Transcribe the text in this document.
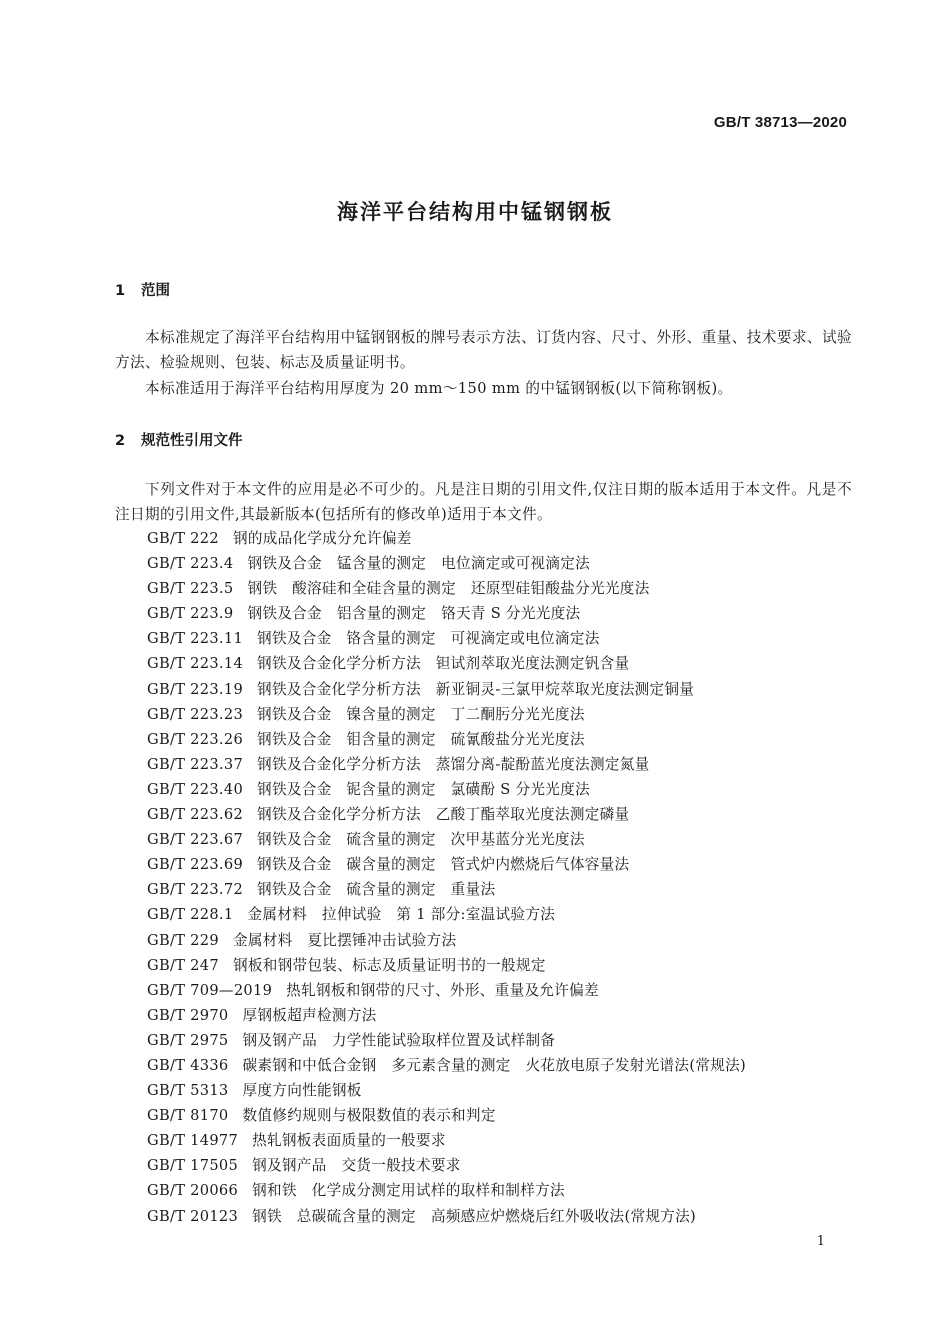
GB/T 38713—2020
海洋平台结构用中锰钢钢板
1 范围
本标准规定了海洋平台结构用中锰钢钢板的牌号表示方法、订货内容、尺寸、外形、重量、技术要求、试验方法、检验规则、包装、标志及质量证明书。
本标准适用于海洋平台结构用厚度为 20 mm～150 mm 的中锰钢钢板(以下简称钢板)。
2 规范性引用文件
下列文件对于本文件的应用是必不可少的。凡是注日期的引用文件,仅注日期的版本适用于本文件。凡是不注日期的引用文件,其最新版本(包括所有的修改单)适用于本文件。
GB/T 222 钢的成品化学成分允许偏差
GB/T 223.4 钢铁及合金　锰含量的测定　电位滴定或可视滴定法
GB/T 223.5 钢铁　酸溶硅和全硅含量的测定　还原型硅钼酸盐分光光度法
GB/T 223.9 钢铁及合金　铝含量的测定　铬天青 S 分光光度法
GB/T 223.11 钢铁及合金　铬含量的测定　可视滴定或电位滴定法
GB/T 223.14 钢铁及合金化学分析方法　钽试剂萃取光度法测定钒含量
GB/T 223.19 钢铁及合金化学分析方法　新亚铜灵-三氯甲烷萃取光度法测定铜量
GB/T 223.23 钢铁及合金　镍含量的测定　丁二酮肟分光光度法
GB/T 223.26 钢铁及合金　钼含量的测定　硫氰酸盐分光光度法
GB/T 223.37 钢铁及合金化学分析方法　蒸馏分离-靛酚蓝光度法测定氮量
GB/T 223.40 钢铁及合金　铌含量的测定　氯磺酚 S 分光光度法
GB/T 223.62 钢铁及合金化学分析方法　乙酸丁酯萃取光度法测定磷量
GB/T 223.67 钢铁及合金　硫含量的测定　次甲基蓝分光光度法
GB/T 223.69 钢铁及合金　碳含量的测定　管式炉内燃烧后气体容量法
GB/T 223.72 钢铁及合金　硫含量的测定　重量法
GB/T 228.1 金属材料　拉伸试验　第 1 部分:室温试验方法
GB/T 229 金属材料　夏比摆锤冲击试验方法
GB/T 247 钢板和钢带包装、标志及质量证明书的一般规定
GB/T 709—2019 热轧钢板和钢带的尺寸、外形、重量及允许偏差
GB/T 2970 厚钢板超声检测方法
GB/T 2975 钢及钢产品　力学性能试验取样位置及试样制备
GB/T 4336 碳素钢和中低合金钢　多元素含量的测定　火花放电原子发射光谱法(常规法)
GB/T 5313 厚度方向性能钢板
GB/T 8170 数值修约规则与极限数值的表示和判定
GB/T 14977 热轧钢板表面质量的一般要求
GB/T 17505 钢及钢产品　交货一般技术要求
GB/T 20066 钢和铁　化学成分测定用试样的取样和制样方法
GB/T 20123 钢铁　总碳硫含量的测定　高频感应炉燃烧后红外吸收法(常规方法)
1
